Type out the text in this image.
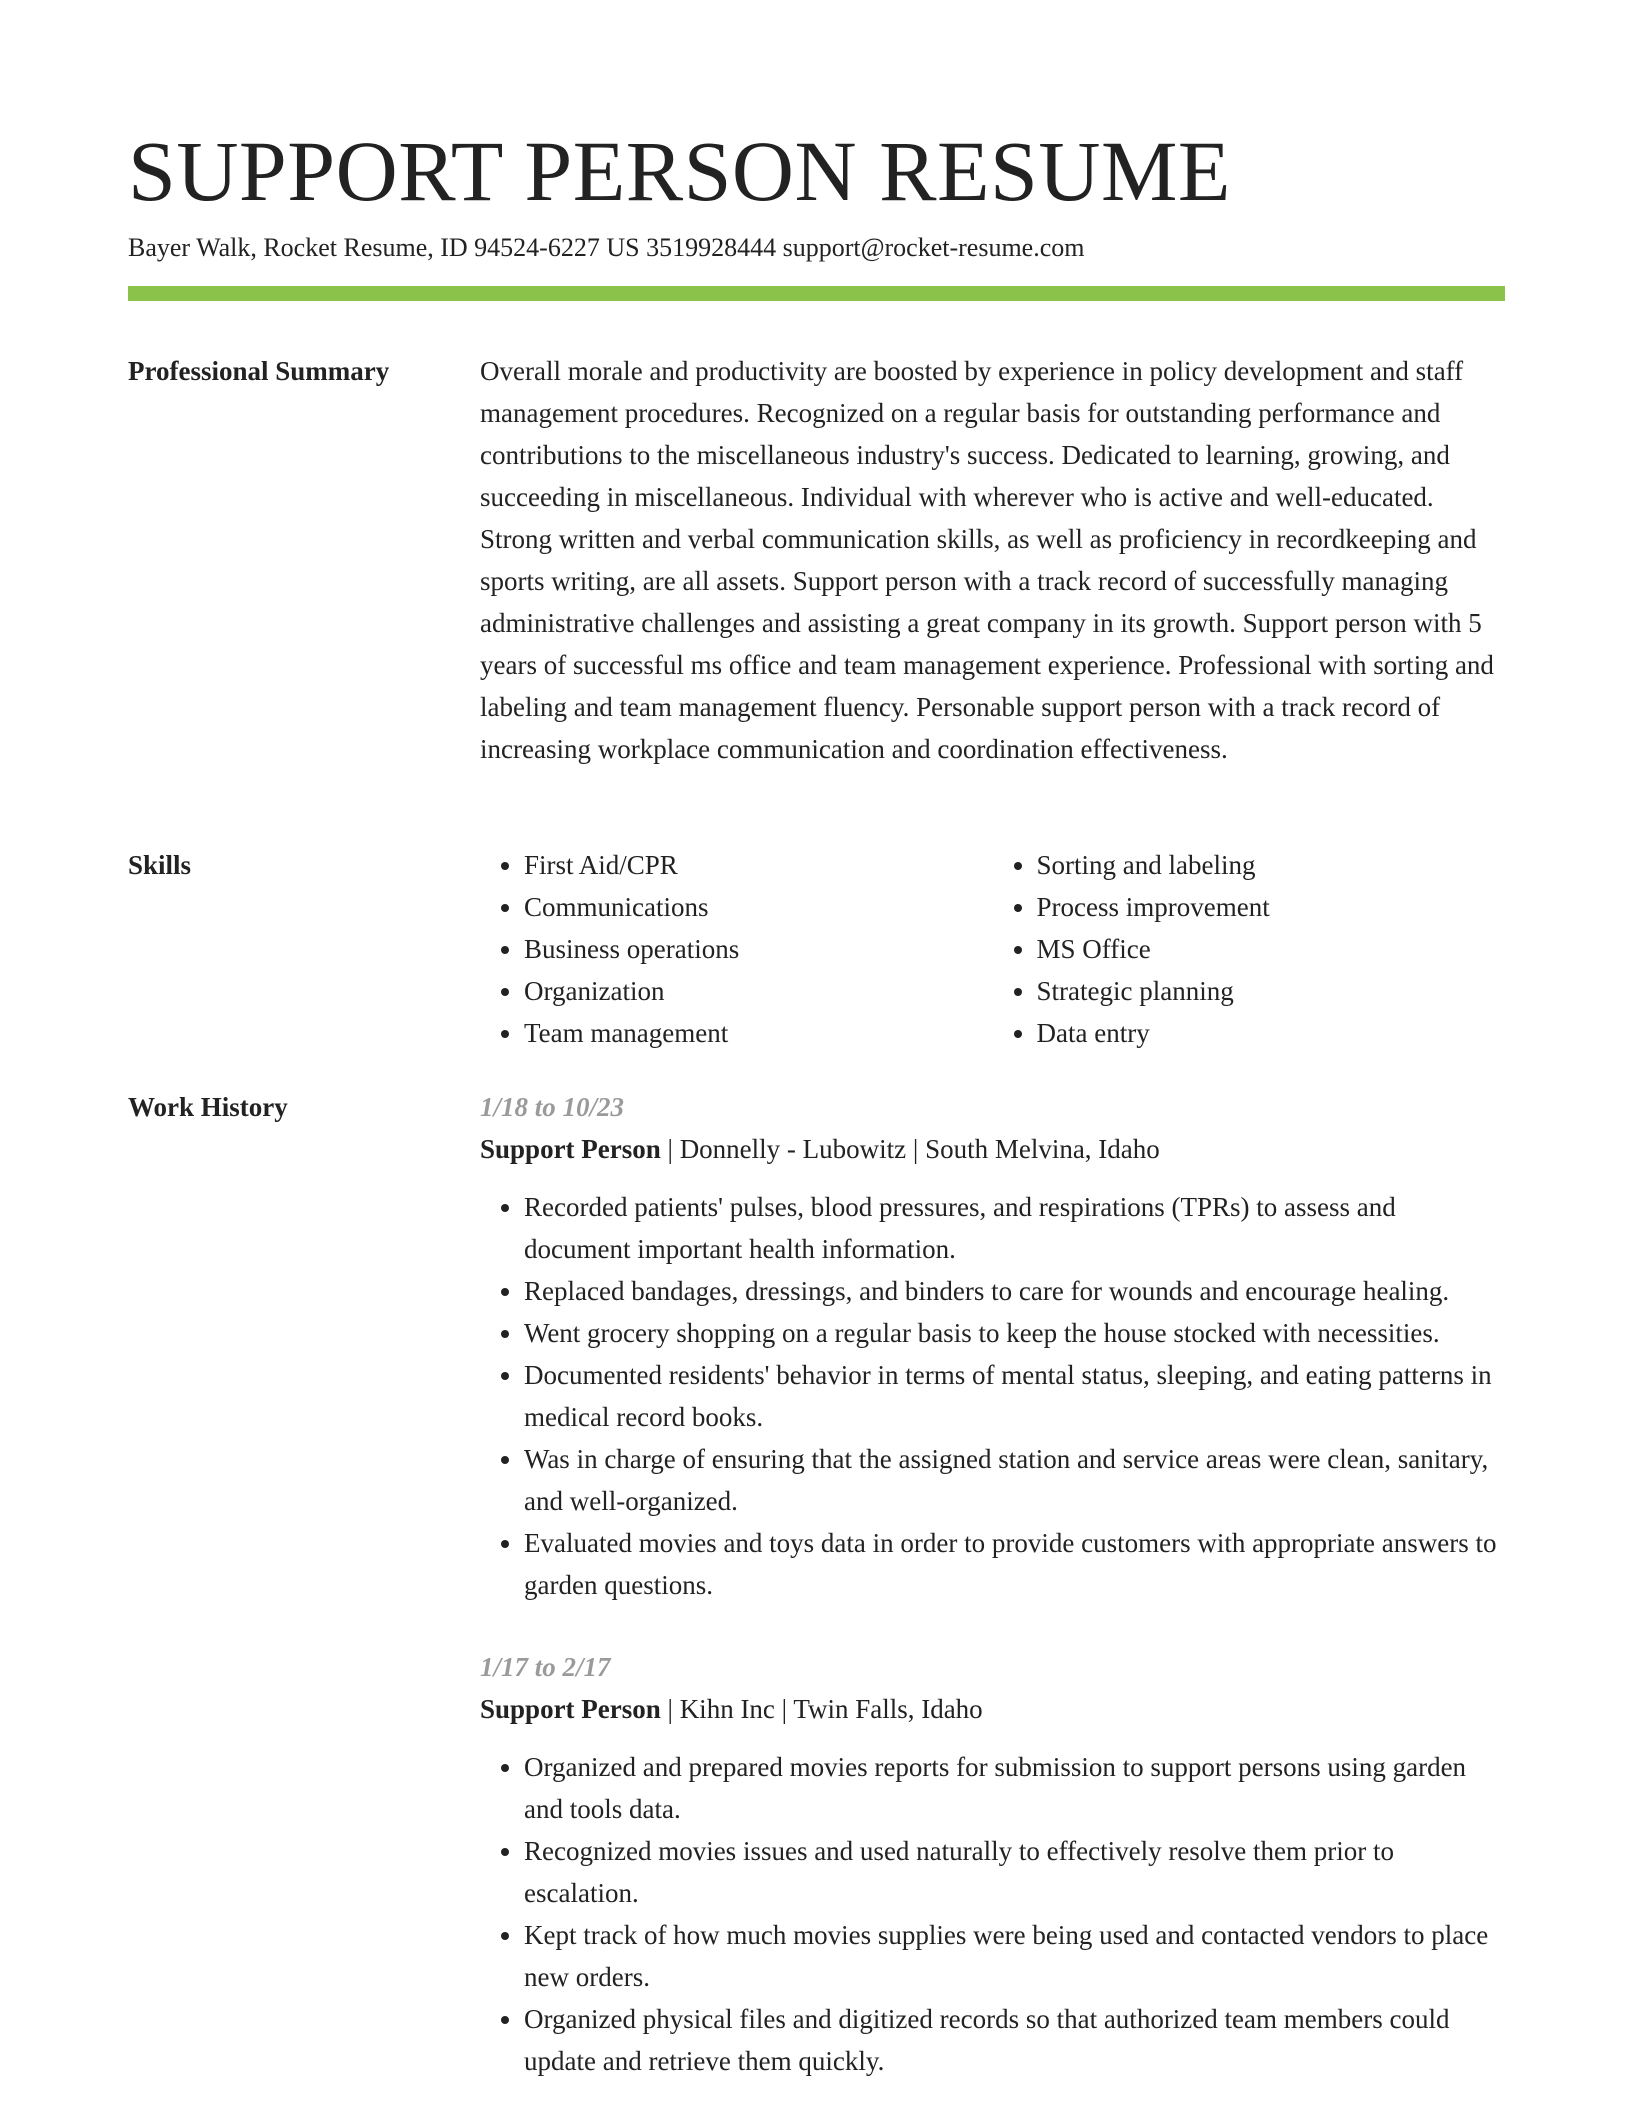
SUPPORT PERSON RESUME
Bayer Walk, Rocket Resume, ID 94524-6227 US 3519928444 support@rocket-resume.com
Professional Summary	Overall morale and productivity are boosted by experience in policy development and staff management procedures. Recognized on a regular basis for outstanding performance and contributions to the miscellaneous industry's success. Dedicated to learning, growing, and succeeding in miscellaneous. Individual with wherever who is active and well-educated. Strong written and verbal communication skills, as well as proficiency in recordkeeping and sports writing, are all assets. Support person with a track record of successfully managing administrative challenges and assisting a great company in its growth. Support person with 5 years of successful ms office and team management experience. Professional with sorting and labeling and team management fluency. Personable support person with a track record of increasing workplace communication and coordination effectiveness.

Skills
•	First Aid/CPR
• Communications
• Business operations
• Organization
• Team management
• Sorting and labeling
• Process improvement
• MS Office
• Strategic planning
• Data entry
Work History	1/18 to 10/23
Support Person | Donnelly - Lubowitz | South Melvina, Idaho
• Recorded patients' pulses, blood pressures, and respirations (TPRs) to assess and document important health information.
• Replaced bandages, dressings, and binders to care for wounds and encourage healing.
• Went grocery shopping on a regular basis to keep the house stocked with necessities.
• Documented residents' behavior in terms of mental status, sleeping, and eating patterns in medical record books.
• Was in charge of ensuring that the assigned station and service areas were clean, sanitary, and well-organized.
• Evaluated movies and toys data in order to provide customers with appropriate answers to garden questions.
1/17 to 2/17
Support Person | Kihn Inc | Twin Falls, Idaho
• Organized and prepared movies reports for submission to support persons using garden and tools data.
• Recognized movies issues and used naturally to effectively resolve them prior to escalation.
• Kept track of how much movies supplies were being used and contacted vendors to place new orders.
• Organized physical files and digitized records so that authorized team members could update and retrieve them quickly.
